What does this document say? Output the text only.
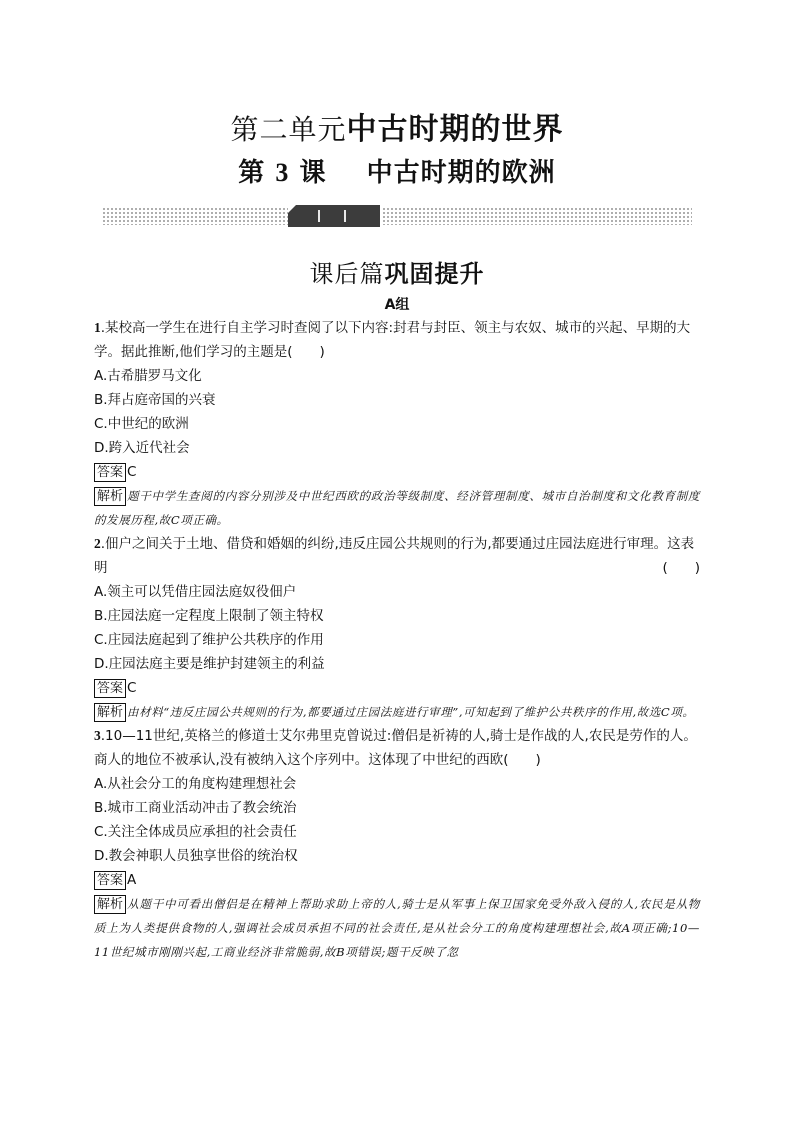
第二单元中古时期的世界
第 3 课 中古时期的欧洲
课后篇巩固提升
A组
1.某校高一学生在进行自主学习时查阅了以下内容:封君与封臣、领主与农奴、城市的兴起、早期的大学。据此推断,他们学习的主题是(　　)
A.古希腊罗马文化
B.拜占庭帝国的兴衰
C.中世纪的欧洲
D.跨入近代社会
答案 C
解析 题干中学生查阅的内容分别涉及中世纪西欧的政治等级制度、经济管理制度、城市自治制度和文化教育制度的发展历程,故C项正确。
2.佃户之间关于土地、借贷和婚姻的纠纷,违反庄园公共规则的行为,都要通过庄园法庭进行审理。这表明	(　　)
A.领主可以凭借庄园法庭奴役佃户
B.庄园法庭一定程度上限制了领主特权
C.庄园法庭起到了维护公共秩序的作用
D.庄园法庭主要是维护封建领主的利益
答案 C
解析 由材料“违反庄园公共规则的行为,都要通过庄园法庭进行审理”,可知起到了维护公共秩序的作用,故选C项。
3.10—11世纪,英格兰的修道士艾尔弗里克曾说过:僧侣是祈祷的人,骑士是作战的人,农民是劳作的人。商人的地位不被承认,没有被纳入这个序列中。这体现了中世纪的西欧(　　)
A.从社会分工的角度构建理想社会
B.城市工商业活动冲击了教会统治
C.关注全体成员应承担的社会责任
D.教会神职人员独享世俗的统治权
答案 A
解析 从题干中可看出僧侣是在精神上帮助求助上帝的人,骑士是从军事上保卫国家免受外敌入侵的人,农民是从物质上为人类提供食物的人,强调社会成员承担不同的社会责任,是从社会分工的角度构建理想社会,故A项正确;10—11世纪城市刚刚兴起,工商业经济非常脆弱,故B项错误;题干反映了忽
